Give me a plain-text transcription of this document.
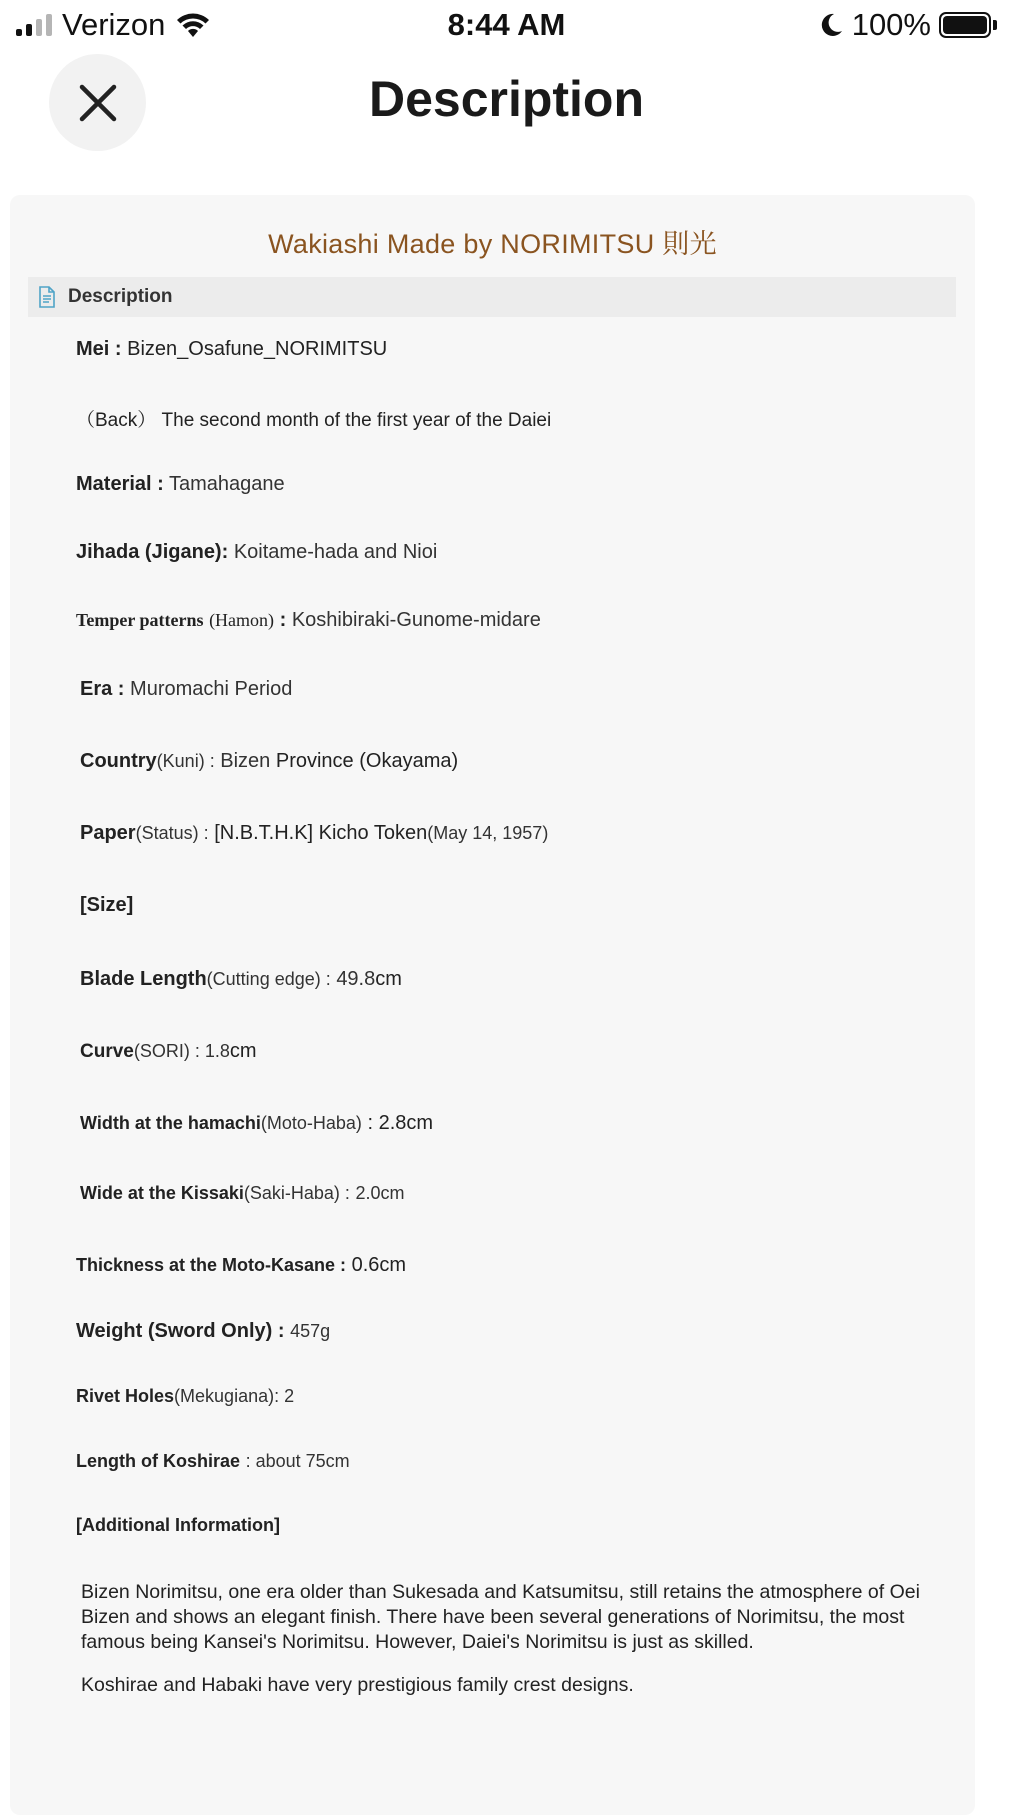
Verizon	8:44 AM	100%
Description
Wakiashi Made by NORIMITSU 則光
Description
Mei : Bizen_Osafune_NORIMITSU
（Back） The second month of the first year of the Daiei
Material : Tamahagane
Jihada (Jigane): Koitame-hada and Nioi
Temper patterns (Hamon) : Koshibiraki-Gunome-midare
Era : Muromachi Period
Country(Kuni) : Bizen Province (Okayama)
Paper(Status) : [N.B.T.H.K] Kicho Token(May 14, 1957)
[Size]
Blade Length(Cutting edge) : 49.8cm
Curve(SORI) : 1.8cm
Width at the hamachi(Moto-Haba) : 2.8cm
Wide at the Kissaki(Saki-Haba) : 2.0cm
Thickness at the Moto-Kasane : 0.6cm
Weight (Sword Only) : 457g
Rivet Holes(Mekugiana): 2
Length of Koshirae : about 75cm
[Additional Information]
Bizen Norimitsu, one era older than Sukesada and Katsumitsu, still retains the atmosphere of Oei Bizen and shows an elegant finish. There have been several generations of Norimitsu, the most famous being Kansei's Norimitsu. However, Daiei's Norimitsu is just as skilled.
Koshirae and Habaki have very prestigious family crest designs.
